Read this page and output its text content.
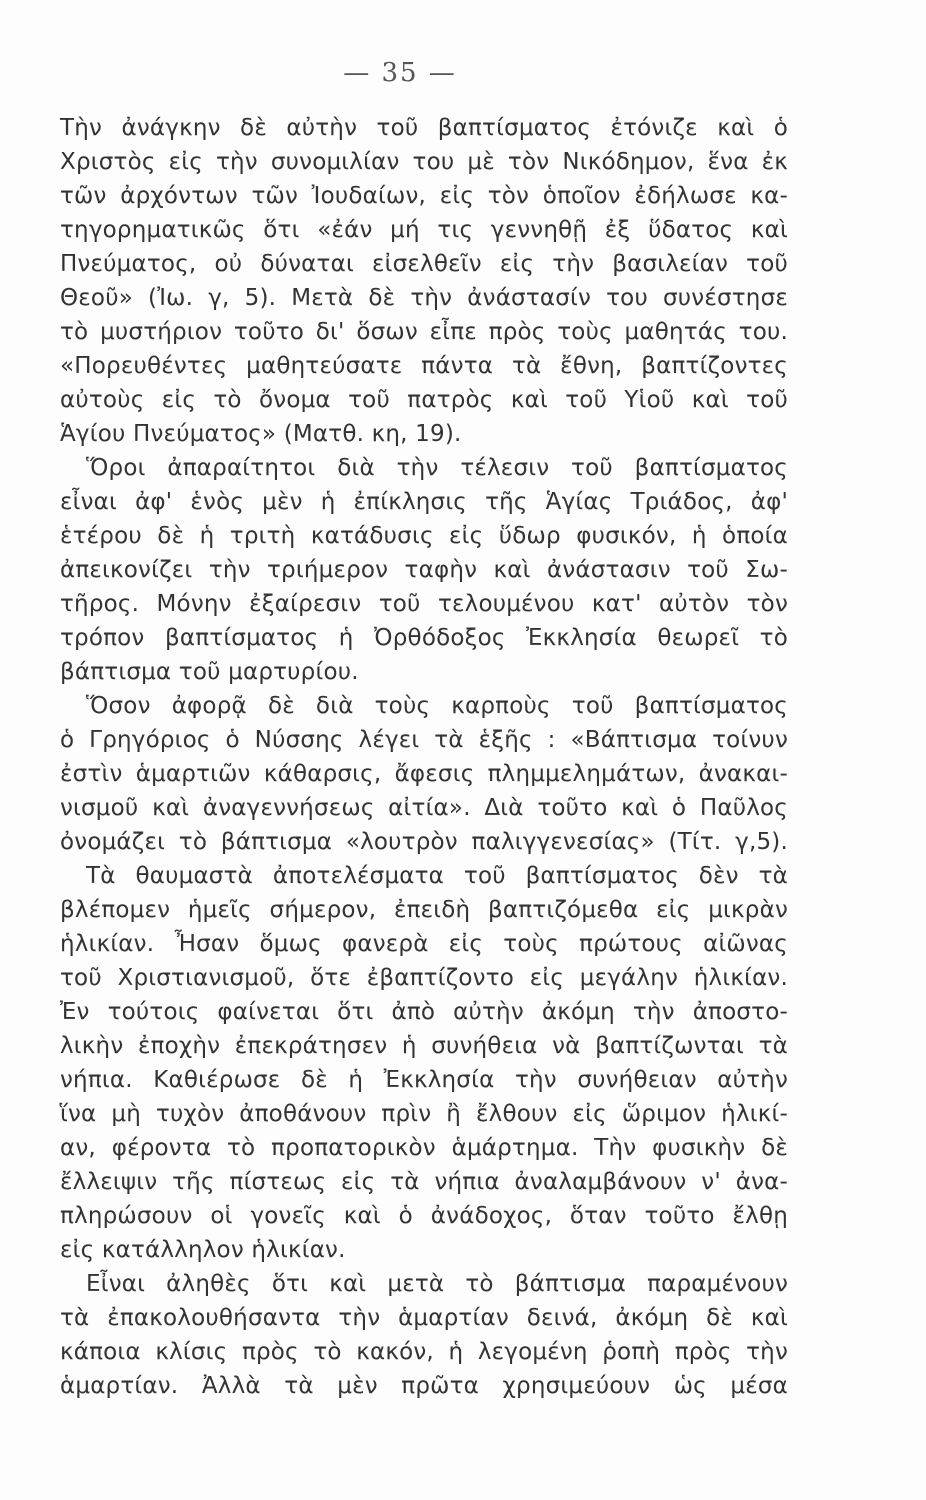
— 35 —
Τὴν ἀνάγκην δὲ αὐτὴν τοῦ βαπτίσματος ἐτόνιζε καὶ ὁ
Χριστὸς εἰς τὴν συνομιλίαν του μὲ τὸν Νικόδημον, ἕνα ἐκ
τῶν ἀρχόντων τῶν Ἰουδαίων, εἰς τὸν ὁποῖον ἐδήλωσε κα-
τηγορηματικῶς ὅτι «ἐάν μή τις γεννηθῇ ἐξ ὕδατος καὶ
Πνεύματος, οὐ δύναται εἰσελθεῖν εἰς τὴν βασιλείαν τοῦ
Θεοῦ» (Ἰω. γ, 5). Μετὰ δὲ τὴν ἀνάστασίν του συνέστησε
τὸ μυστήριον τοῦτο δι' ὅσων εἶπε πρὸς τοὺς μαθητάς του.
«Πορευθέντες μαθητεύσατε πάντα τὰ ἔθνη, βαπτίζοντες
αὐτοὺς εἰς τὸ ὄνομα τοῦ πατρὸς καὶ τοῦ Υἱοῦ καὶ τοῦ
Ἁγίου Πνεύματος» (Ματθ. κη, 19).
Ὅροι ἀπαραίτητοι διὰ τὴν τέλεσιν τοῦ βαπτίσματος
εἶναι ἀφ' ἑνὸς μὲν ἡ ἐπίκλησις τῆς Ἁγίας Τριάδος, ἀφ'
ἑτέρου δὲ ἡ τριτὴ κατάδυσις εἰς ὕδωρ φυσικόν, ἡ ὁποία
ἀπεικονίζει τὴν τριήμερον ταφὴν καὶ ἀνάστασιν τοῦ Σω-
τῆρος. Μόνην ἐξαίρεσιν τοῦ τελουμένου κατ' αὐτὸν τὸν
τρόπον βαπτίσματος ἡ Ὀρθόδοξος Ἐκκλησία θεωρεῖ τὸ
βάπτισμα τοῦ μαρτυρίου.
Ὅσον ἀφορᾷ δὲ διὰ τοὺς καρποὺς τοῦ βαπτίσματος
ὁ Γρηγόριος ὁ Νύσσης λέγει τὰ ἑξῆς : «Βάπτισμα τοίνυν
ἐστὶν ἁμαρτιῶν κάθαρσις, ἄφεσις πλημμελημάτων, ἀνακαι-
νισμοῦ καὶ ἀναγεννήσεως αἰτία». Διὰ τοῦτο καὶ ὁ Παῦλος
ὀνομάζει τὸ βάπτισμα «λουτρὸν παλιγγενεσίας» (Τίτ. γ,5).
Τὰ θαυμαστὰ ἀποτελέσματα τοῦ βαπτίσματος δὲν τὰ
βλέπομεν ἡμεῖς σήμερον, ἐπειδὴ βαπτιζόμεθα εἰς μικρὰν
ἡλικίαν. Ἦσαν ὅμως φανερὰ εἰς τοὺς πρώτους αἰῶνας
τοῦ Χριστιανισμοῦ, ὅτε ἐβαπτίζοντο εἰς μεγάλην ἡλικίαν.
Ἐν τούτοις φαίνεται ὅτι ἀπὸ αὐτὴν ἀκόμη τὴν ἀποστο-
λικὴν ἐποχὴν ἐπεκράτησεν ἡ συνήθεια νὰ βαπτίζωνται τὰ
νήπια. Καθιέρωσε δὲ ἡ Ἐκκλησία τὴν συνήθειαν αὐτὴν
ἵνα μὴ τυχὸν ἀποθάνουν πρὶν ἢ ἔλθουν εἰς ὥριμον ἡλικί-
αν, φέροντα τὸ προπατορικὸν ἁμάρτημα. Τὴν φυσικὴν δὲ
ἔλλειψιν τῆς πίστεως εἰς τὰ νήπια ἀναλαμβάνουν ν' ἀνα-
πληρώσουν οἱ γονεῖς καὶ ὁ ἀνάδοχος, ὅταν τοῦτο ἔλθῃ
εἰς κατάλληλον ἡλικίαν.
Εἶναι ἀληθὲς ὅτι καὶ μετὰ τὸ βάπτισμα παραμένουν
τὰ ἐπακολουθήσαντα τὴν ἁμαρτίαν δεινά, ἀκόμη δὲ καὶ
κάποια κλίσις πρὸς τὸ κακόν, ἡ λεγομένη ῥοπὴ πρὸς τὴν
ἁμαρτίαν. Ἀλλὰ τὰ μὲν πρῶτα χρησιμεύουν ὡς μέσα
